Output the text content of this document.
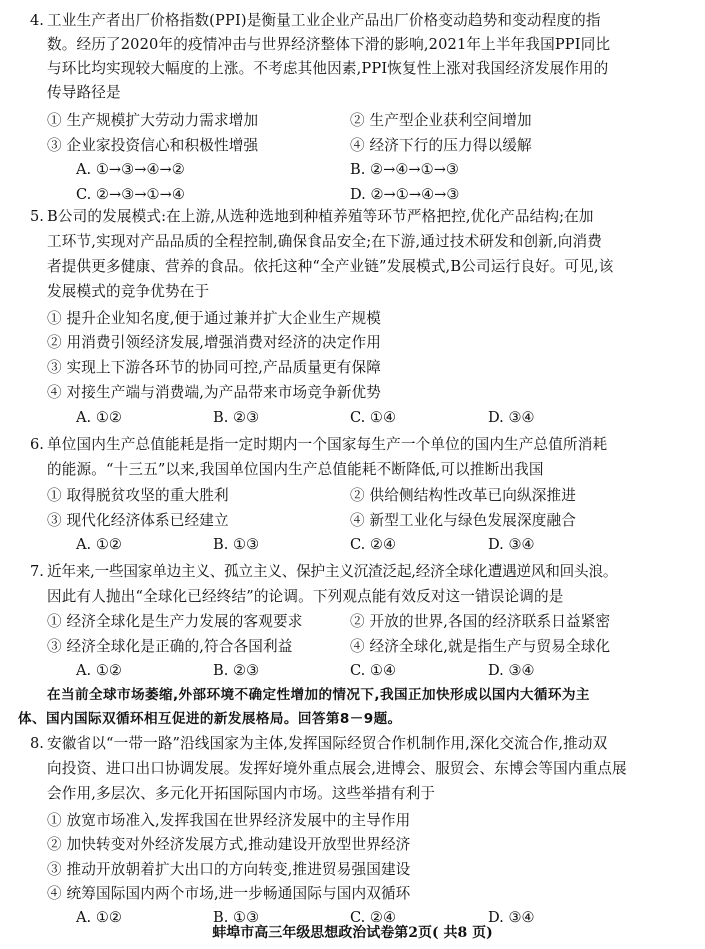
4. 工业生产者出厂价格指数(PPI)是衡量工业企业产品出厂价格变动趋势和变动程度的指
数。经历了2020年的疫情冲击与世界经济整体下滑的影响,2021年上半年我国PPI同比
与环比均实现较大幅度的上涨。不考虑其他因素,PPI恢复性上涨对我国经济发展作用的
传导路径是
① 生产规模扩大劳动力需求增加	② 生产型企业获利空间增加
③ 企业家投资信心和积极性增强	④ 经济下行的压力得以缓解
A. ①→③→④→②	B. ②→④→①→③
C. ②→③→①→④	D. ②→①→④→③
5. B公司的发展模式:在上游,从选种选地到种植养殖等环节严格把控,优化产品结构;在加
工环节,实现对产品品质的全程控制,确保食品安全;在下游,通过技术研发和创新,向消费
者提供更多健康、营养的食品。依托这种“全产业链”发展模式,B公司运行良好。可见,该
发展模式的竞争优势在于
① 提升企业知名度,便于通过兼并扩大企业生产规模
② 用消费引领经济发展,增强消费对经济的决定作用
③ 实现上下游各环节的协同可控,产品质量更有保障
④ 对接生产端与消费端,为产品带来市场竞争新优势
A. ①②	B. ②③	C. ①④	D. ③④
6. 单位国内生产总值能耗是指一定时期内一个国家每生产一个单位的国内生产总值所消耗
的能源。“十三五”以来,我国单位国内生产总值能耗不断降低,可以推断出我国
① 取得脱贫攻坚的重大胜利	② 供给侧结构性改革已向纵深推进
③ 现代化经济体系已经建立	④ 新型工业化与绿色发展深度融合
A. ①②	B. ①③	C. ②④	D. ③④
7. 近年来,一些国家单边主义、孤立主义、保护主义沉渣泛起,经济全球化遭遇逆风和回头浪。
因此有人抛出“全球化已经终结”的论调。下列观点能有效反对这一错误论调的是
① 经济全球化是生产力发展的客观要求	② 开放的世界,各国的经济联系日益紧密
③ 经济全球化是正确的,符合各国利益	④ 经济全球化,就是指生产与贸易全球化
A. ①②	B. ②③	C. ①④	D. ③④
在当前全球市场萎缩,外部环境不确定性增加的情况下,我国正加快形成以国内大循环为主
体、国内国际双循环相互促进的新发展格局。回答第8－9题。
8. 安徽省以“一带一路”沿线国家为主体,发挥国际经贸合作机制作用,深化交流合作,推动双
向投资、进口出口协调发展。发挥好境外重点展会,进博会、服贸会、东博会等国内重点展
会作用,多层次、多元化开拓国际国内市场。这些举措有利于
① 放宽市场准入,发挥我国在世界经济发展中的主导作用
② 加快转变对外经济发展方式,推动建设开放型世界经济
③ 推动开放朝着扩大出口的方向转变,推进贸易强国建设
④ 统筹国际国内两个市场,进一步畅通国际与国内双循环
A. ①②	B. ①③	C. ②④	D. ③④
蚌埠市高三年级思想政治试卷第2页( 共8 页)
